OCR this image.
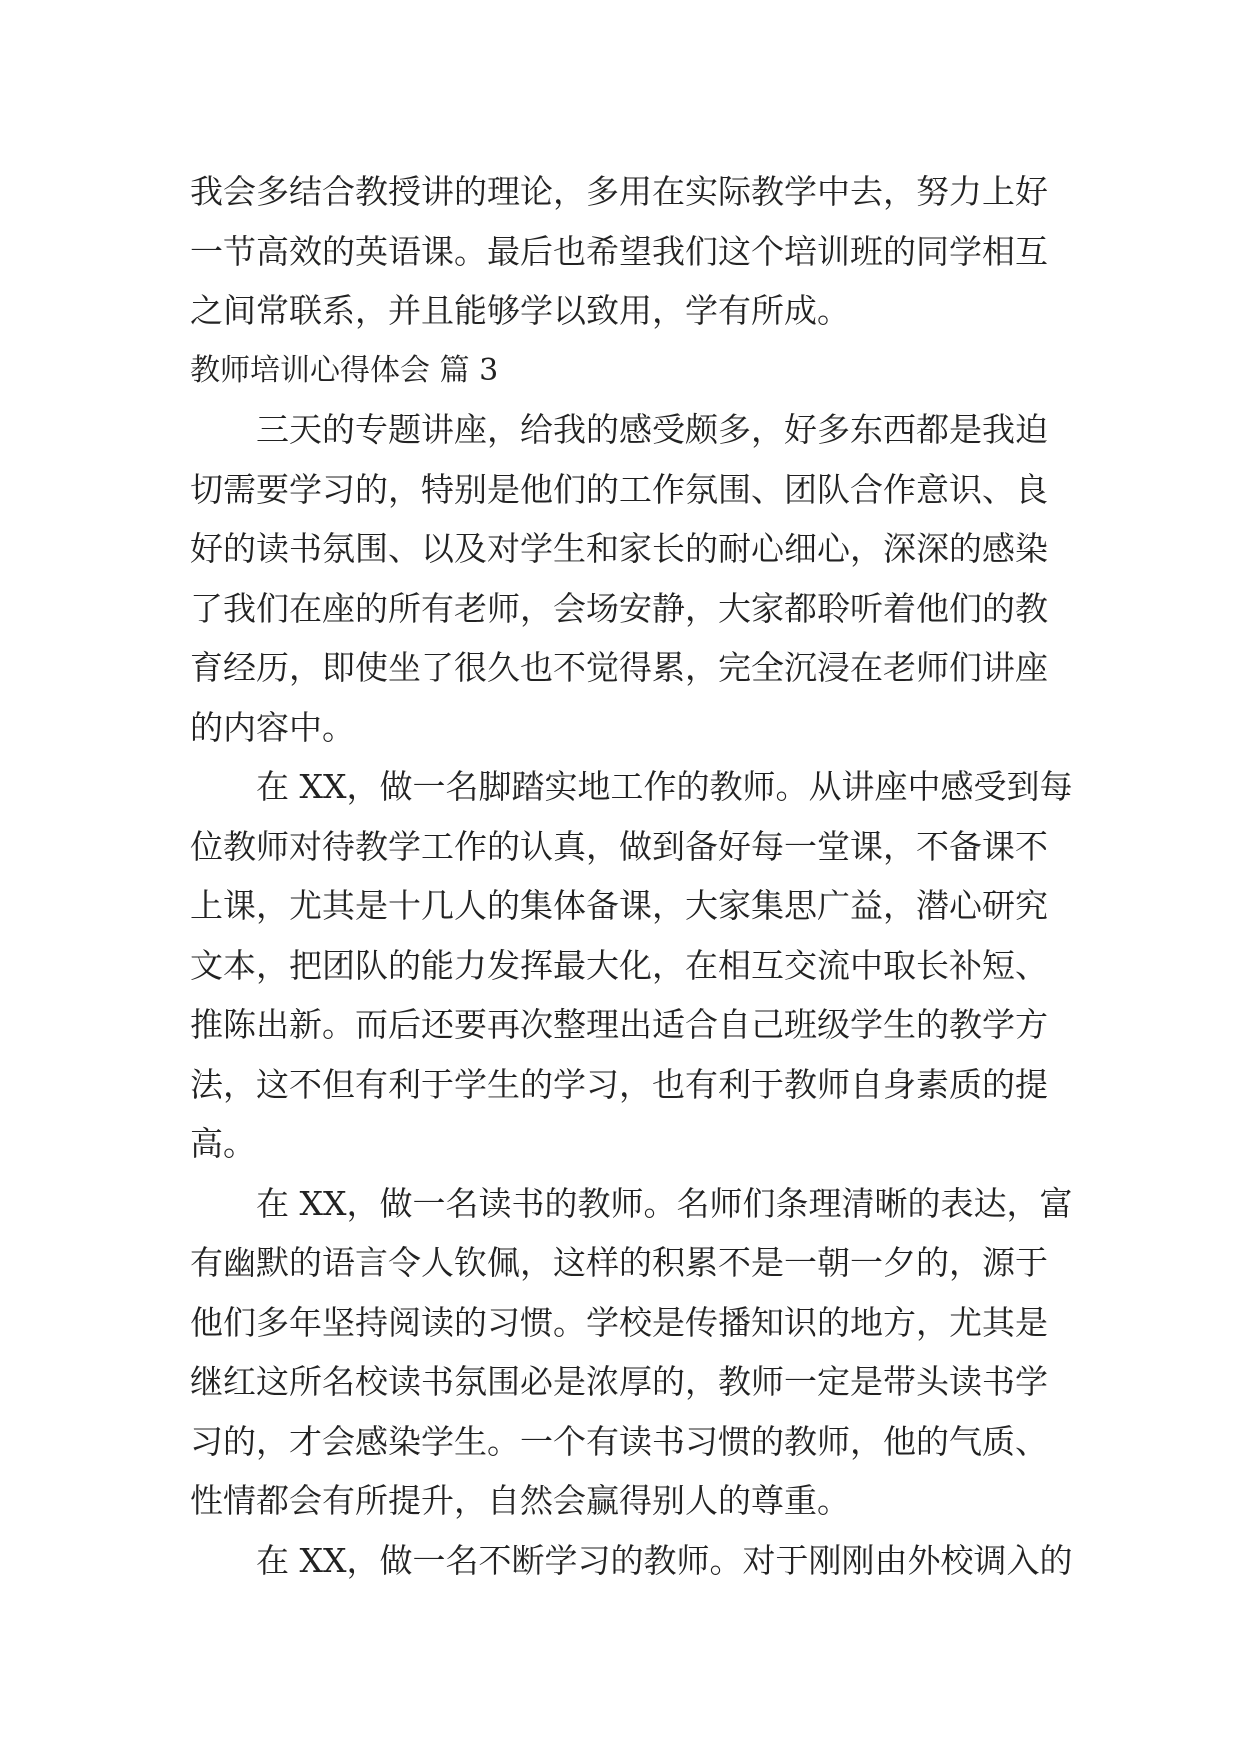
我会多结合教授讲的理论，多用在实际教学中去，努力上好
一节高效的英语课。最后也希望我们这个培训班的同学相互
之间常联系，并且能够学以致用，学有所成。
教师培训心得体会 篇 3
三天的专题讲座，给我的感受颇多，好多东西都是我迫
切需要学习的，特别是他们的工作氛围、团队合作意识、良
好的读书氛围、以及对学生和家长的耐心细心，深深的感染
了我们在座的所有老师，会场安静，大家都聆听着他们的教
育经历，即使坐了很久也不觉得累，完全沉浸在老师们讲座
的内容中。
在 XX，做一名脚踏实地工作的教师。从讲座中感受到每
位教师对待教学工作的认真，做到备好每一堂课，不备课不
上课，尤其是十几人的集体备课，大家集思广益，潜心研究
文本，把团队的能力发挥最大化，在相互交流中取长补短、
推陈出新。而后还要再次整理出适合自己班级学生的教学方
法，这不但有利于学生的学习，也有利于教师自身素质的提
高。
在 XX，做一名读书的教师。名师们条理清晰的表达，富
有幽默的语言令人钦佩，这样的积累不是一朝一夕的，源于
他们多年坚持阅读的习惯。学校是传播知识的地方，尤其是
继红这所名校读书氛围必是浓厚的，教师一定是带头读书学
习的，才会感染学生。一个有读书习惯的教师，他的气质、
性情都会有所提升，自然会赢得别人的尊重。
在 XX，做一名不断学习的教师。对于刚刚由外校调入的
